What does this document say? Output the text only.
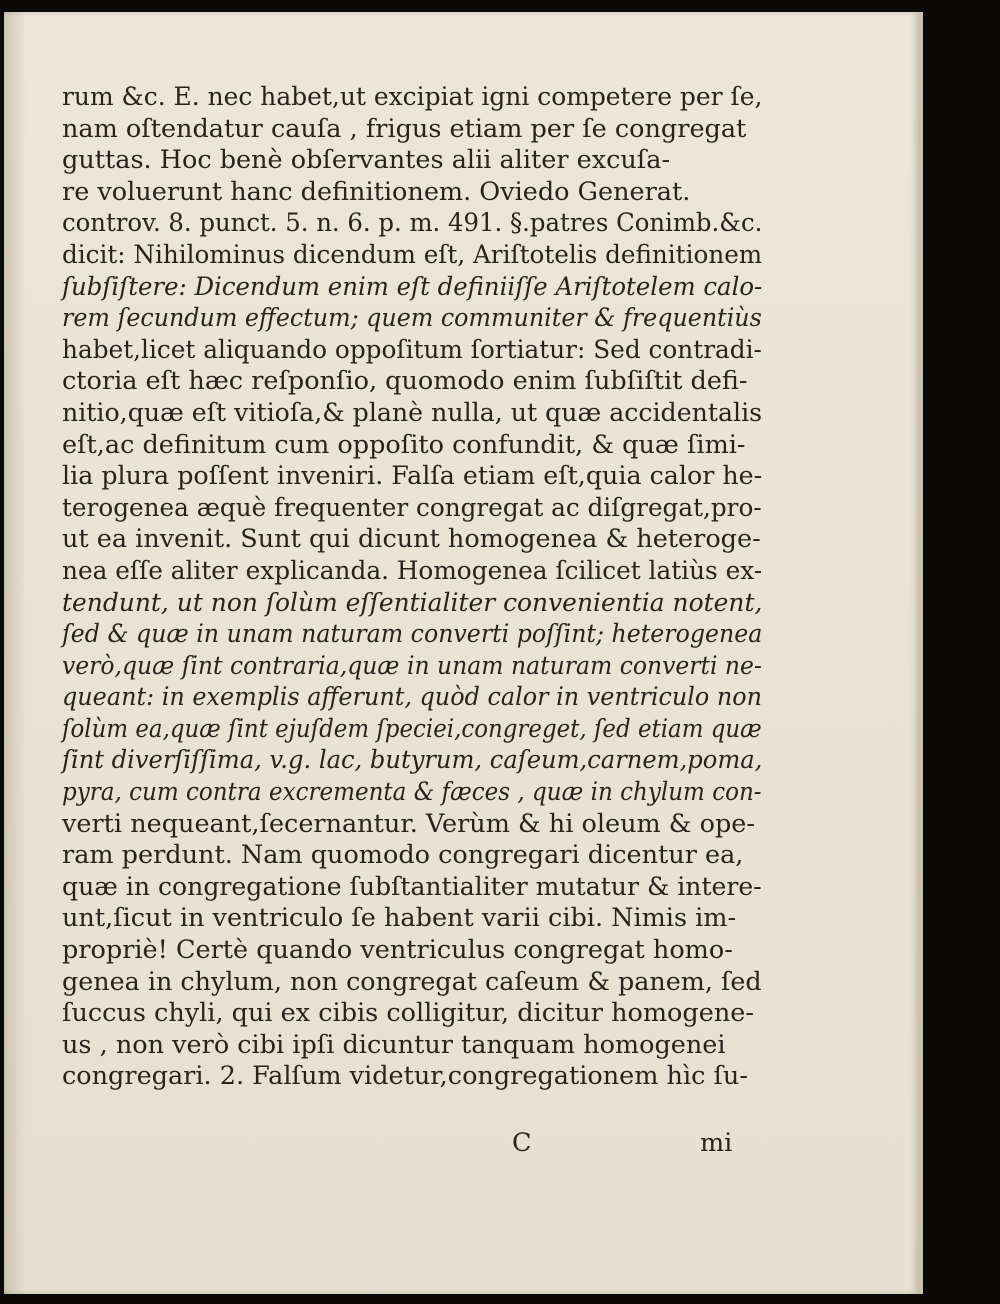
rum &c. E. nec habet,ut excipiat igni competere per ſe,
nam oſtendatur cauſa , frigus etiam per ſe congregat
guttas. Hoc benè obſervantes alii aliter excuſa-
re voluerunt hanc definitionem. Oviedo Generat.
controv. 8. punct. 5. n. 6. p. m. 491. §.patres Conimb.&c.
dicit: Nihilominus dicendum eſt, Ariſtotelis definitionem
ſubſiſtere: Dicendum enim eſt definiiſſe Ariſtotelem calo-
rem ſecundum effectum; quem communiter & frequentiùs
habet,licet aliquando oppoſitum ſortiatur: Sed contradi-
ctoria eſt hæc reſponſio, quomodo enim ſubſiſtit defi-
nitio,quæ eſt vitioſa,& planè nulla, ut quæ accidentalis
eſt,ac definitum cum oppoſito confundit, & quæ ſimi-
lia plura poſſent inveniri. Falſa etiam eſt,quia calor he-
terogenea æquè frequenter congregat ac diſgregat,pro-
ut ea invenit. Sunt qui dicunt homogenea & heteroge-
nea eſſe aliter explicanda. Homogenea ſcilicet latiùs ex-
tendunt, ut non ſolùm eſſentialiter convenientia notent,
ſed & quæ in unam naturam converti poſſint; heterogenea
verò,quæ ſint contraria,quæ in unam naturam converti ne-
queant: in exemplis afferunt, quòd calor in ventriculo non
ſolùm ea,quæ ſint ejuſdem ſpeciei,congreget, ſed etiam quæ
ſint diverſiſſima, v.g. lac, butyrum, caſeum,carnem,poma,
pyra, cum contra excrementa & fæces , quæ in chylum con-
verti nequeant,ſecernantur. Verùm & hi oleum & ope-
ram perdunt. Nam quomodo congregari dicentur ea,
quæ in congregatione ſubſtantialiter mutatur & intere-
unt,ſicut in ventriculo ſe habent varii cibi. Nimis im-
propriè! Certè quando ventriculus congregat homo-
genea in chylum, non congregat caſeum & panem, ſed
ſuccus chyli, qui ex cibis colligitur, dicitur homogene-
us , non verò cibi ipſi dicuntur tanquam homogenei
congregari. 2. Falſum videtur,congregationem hìc ſu-
C	mi
